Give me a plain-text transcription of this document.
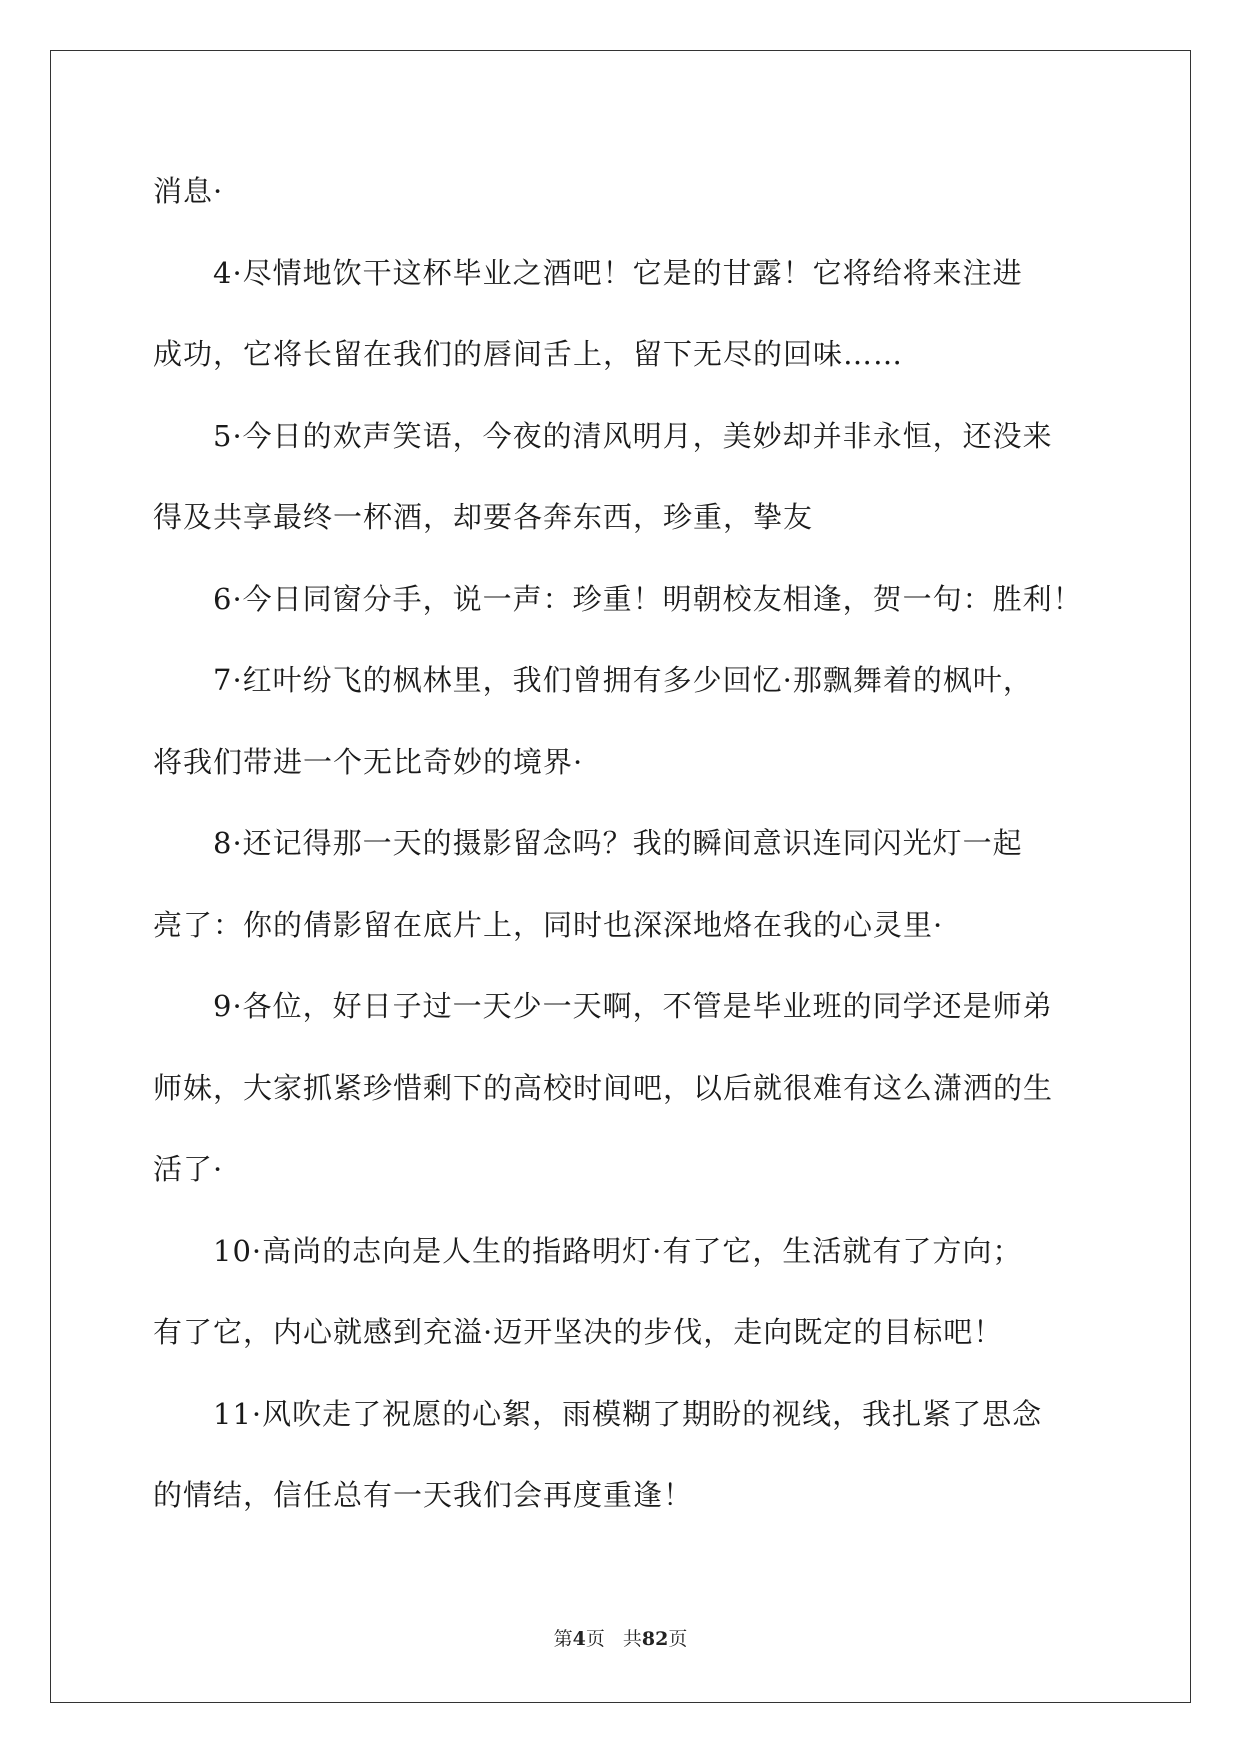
消息·
4·尽情地饮干这杯毕业之酒吧！它是的甘露！它将给将来注进
成功，它将长留在我们的唇间舌上，留下无尽的回味……
5·今日的欢声笑语，今夜的清风明月，美妙却并非永恒，还没来
得及共享最终一杯酒，却要各奔东西，珍重，挚友
6·今日同窗分手，说一声：珍重！明朝校友相逢，贺一句：胜利！
7·红叶纷飞的枫林里，我们曾拥有多少回忆·那飘舞着的枫叶，
将我们带进一个无比奇妙的境界·
8·还记得那一天的摄影留念吗？我的瞬间意识连同闪光灯一起
亮了：你的倩影留在底片上，同时也深深地烙在我的心灵里·
9·各位，好日子过一天少一天啊，不管是毕业班的同学还是师弟
师妹，大家抓紧珍惜剩下的高校时间吧，以后就很难有这么潇洒的生
活了·
10·高尚的志向是人生的指路明灯·有了它，生活就有了方向；
有了它，内心就感到充溢·迈开坚决的步伐，走向既定的目标吧！
11·风吹走了祝愿的心絮，雨模糊了期盼的视线，我扎紧了思念
的情结，信任总有一天我们会再度重逢！
第4页 共82页
